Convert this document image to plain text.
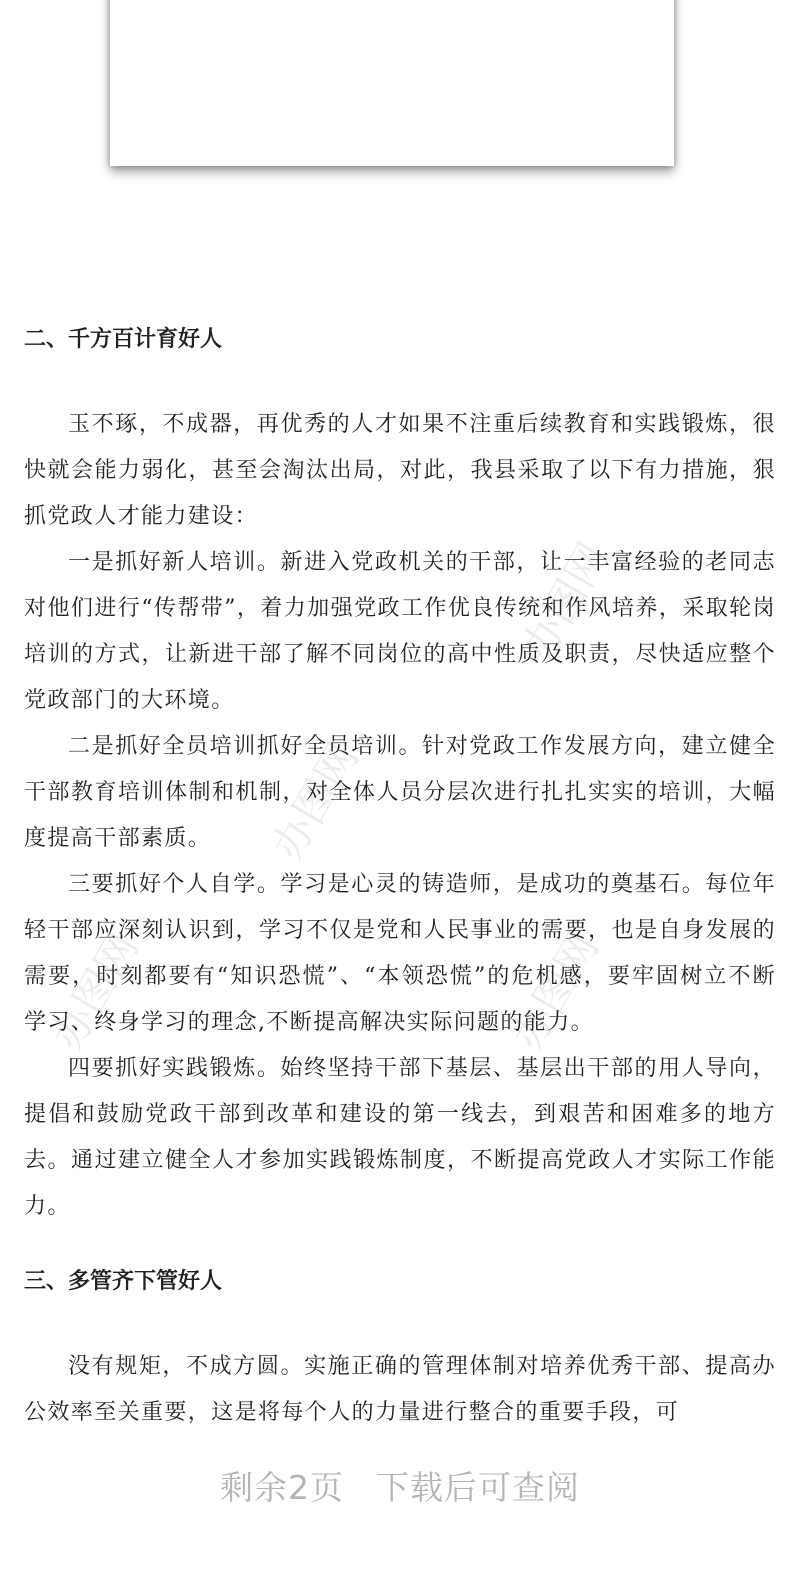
办图网
办图网
办图网	办图网
二、千方百计育好人

玉不琢，不成器，再优秀的人才如果不注重后续教育和实践锻炼，很快就会能力弱化，甚至会淘汰出局，对此，我县采取了以下有力措施，狠抓党政人才能力建设：

一是抓好新人培训。新进入党政机关的干部，让一丰富经验的老同志对他们进行“传帮带”，着力加强党政工作优良传统和作风培养，采取轮岗培训的方式，让新进干部了解不同岗位的高中性质及职责，尽快适应整个党政部门的大环境。

二是抓好全员培训抓好全员培训。针对党政工作发展方向，建立健全干部教育培训体制和机制，对全体人员分层次进行扎扎实实的培训，大幅度提高干部素质。

三要抓好个人自学。学习是心灵的铸造师，是成功的奠基石。每位年轻干部应深刻认识到，学习不仅是党和人民事业的需要，也是自身发展的需要，时刻都要有“知识恐慌”、“本领恐慌”的危机感，要牢固树立不断学习、终身学习的理念,不断提高解决实际问题的能力。

四要抓好实践锻炼。始终坚持干部下基层、基层出干部的用人导向，提倡和鼓励党政干部到改革和建设的第一线去，到艰苦和困难多的地方去。通过建立健全人才参加实践锻炼制度，不断提高党政人才实际工作能力。

三、多管齐下管好人

没有规矩，不成方圆。实施正确的管理体制对培养优秀干部、提高办公效率至关重要，这是将每个人的力量进行整合的重要手段，可

剩余2页 下载后可查阅
